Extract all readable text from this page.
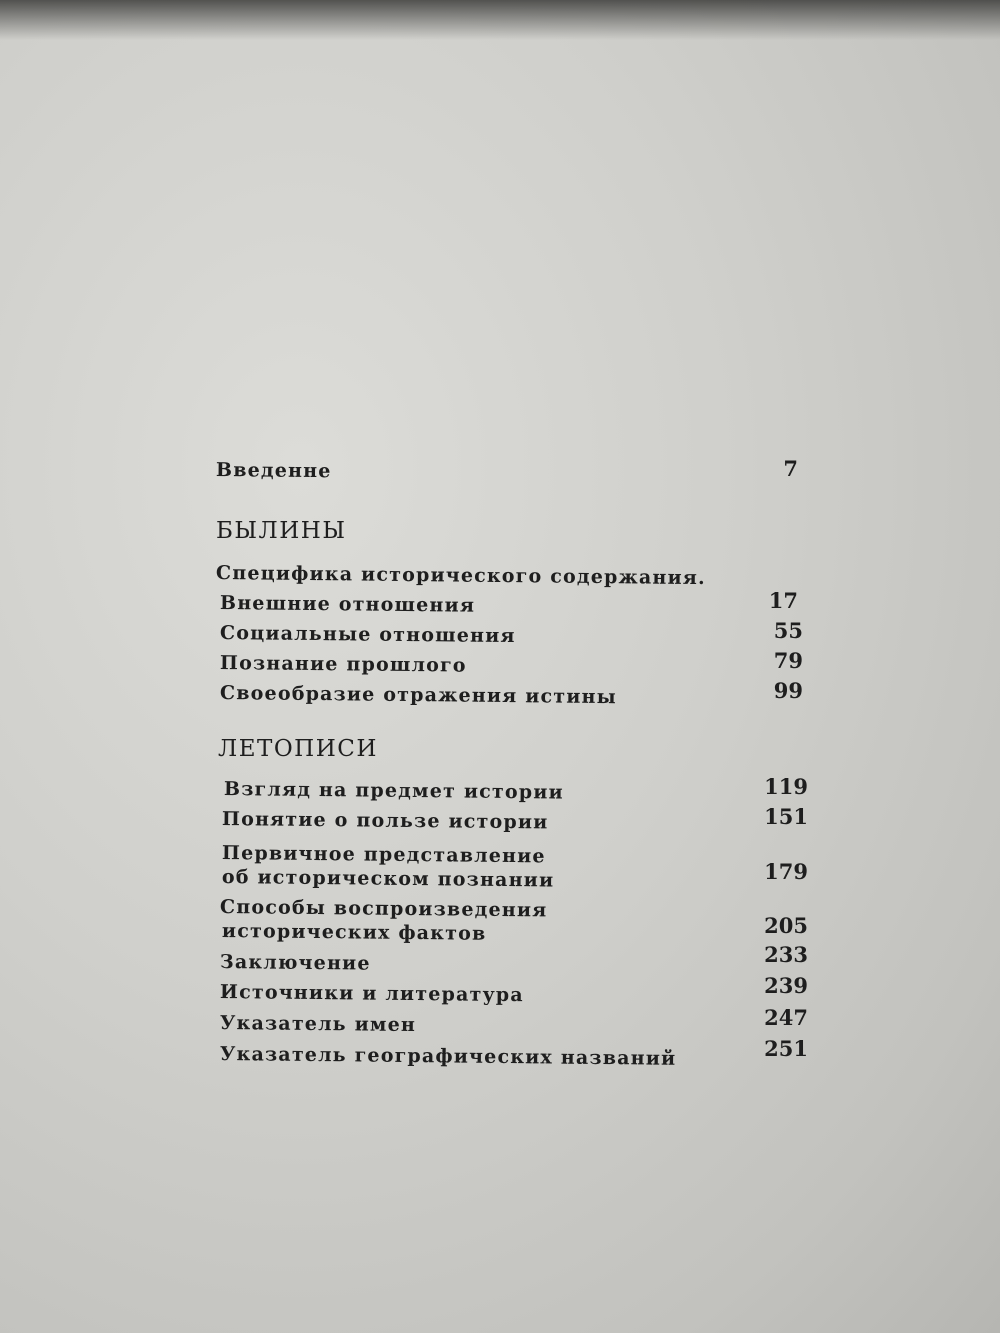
Введенне	7
БЫЛИНЫ
Специфика исторического содержания.
Внешние отношения	17
Социальные отношения	55
Познание прошлого	79
Своеобразие отражения истины	99
ЛЕТОПИСИ
Взгляд на предмет истории	119
Понятие о пользе истории	151
Первичное представление
об историческом познании	179
Способы воспроизведения
исторических фактов	205
Заключение	233
Источники и литература	239
Указатель имен	247
Указатель географических названий	251
